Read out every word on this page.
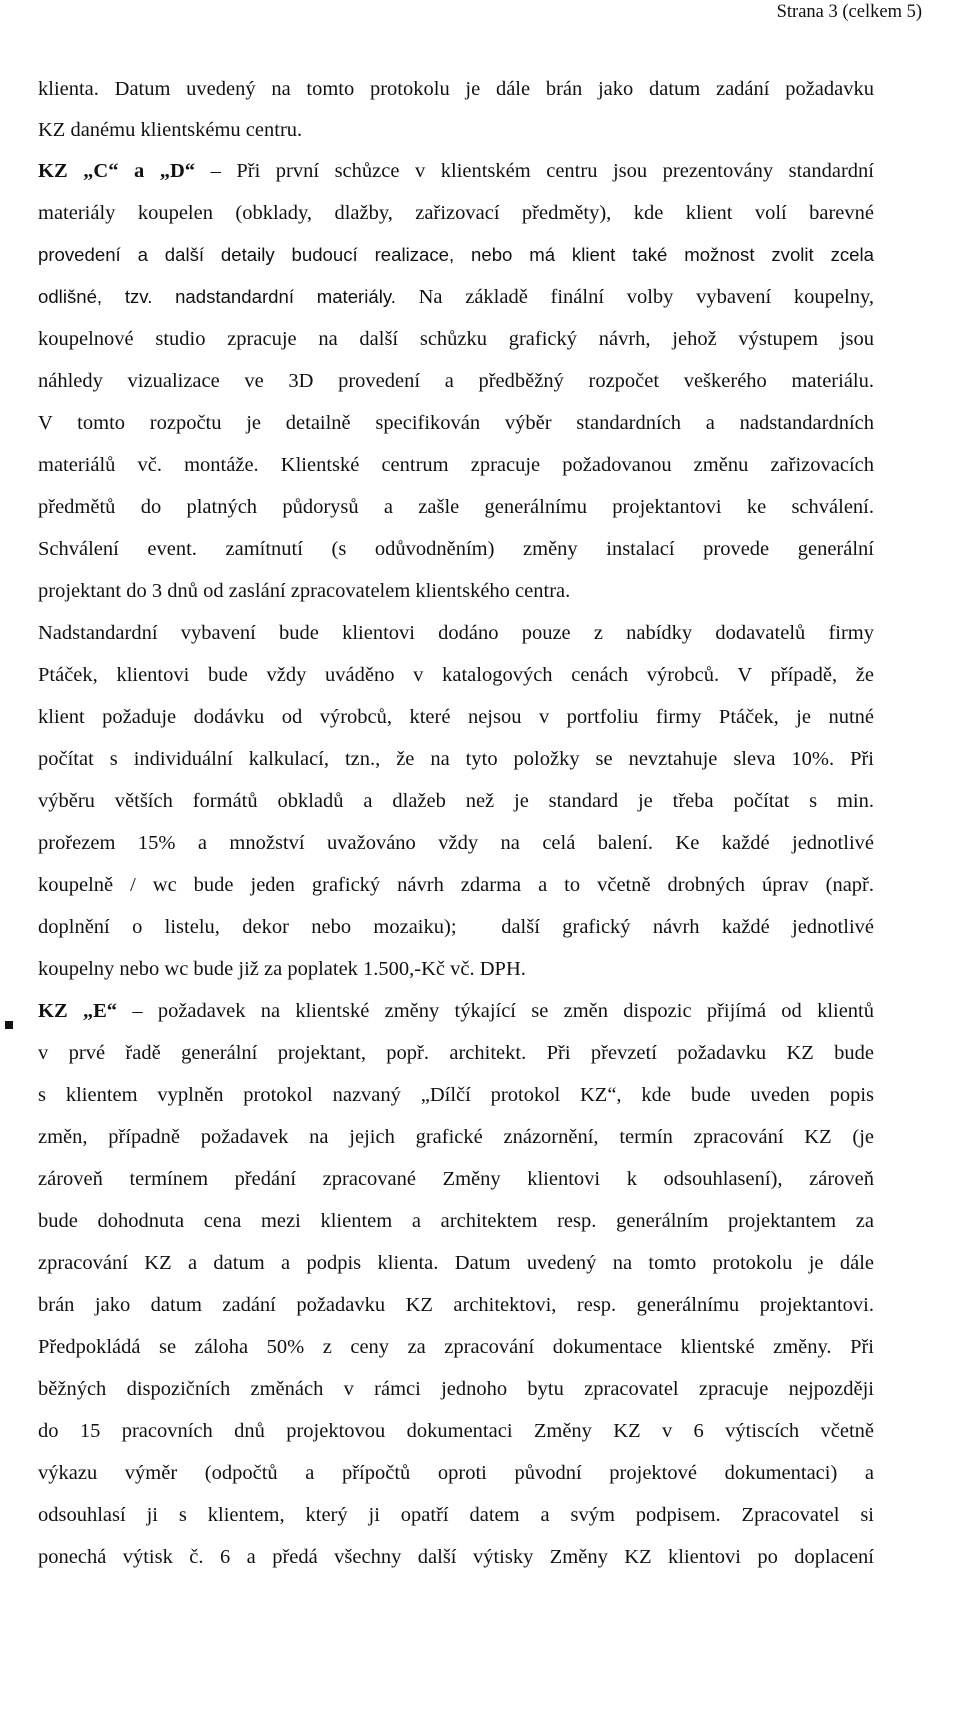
Strana 3 (celkem 5)
klienta. Datum uvedený na tomto protokolu je dále brán jako datum zadání požadavku
KZ danému klientskému centru.
KZ „C“ a „D“ – Při první schůzce v klientském centru jsou prezentovány standardní
materiály koupelen (obklady, dlažby, zařizovací předměty), kde klient volí barevné
provedení a další detaily budoucí realizace, nebo má klient také možnost zvolit zcela
odlišné, tzv. nadstandardní materiály. Na základě finální volby vybavení koupelny,
koupelnové studio zpracuje na další schůzku grafický návrh, jehož výstupem jsou
náhledy vizualizace ve 3D provedení a předběžný rozpočet veškerého materiálu.
V tomto rozpočtu je detailně specifikován výběr standardních a nadstandardních
materiálů vč. montáže. Klientské centrum zpracuje požadovanou změnu zařizovacích
předmětů do platných půdorysů a zašle generálnímu projektantovi ke schválení.
Schválení event. zamítnutí (s odůvodněním) změny instalací provede generální
projektant do 3 dnů od zaslání zpracovatelem klientského centra.
Nadstandardní vybavení bude klientovi dodáno pouze z nabídky dodavatelů firmy
Ptáček, klientovi bude vždy uváděno v katalogových cenách výrobců. V případě, že
klient požaduje dodávku od výrobců, které nejsou v portfoliu firmy Ptáček, je nutné
počítat s individuální kalkulací, tzn., že na tyto položky se nevztahuje sleva 10%. Při
výběru větších formátů obkladů a dlažeb než je standard je třeba počítat s min.
prořezem 15% a množství uvažováno vždy na celá balení. Ke každé jednotlivé
koupelně / wc bude jeden grafický návrh zdarma a to včetně drobných úprav (např.
doplnění o listelu, dekor nebo mozaiku);  další grafický návrh každé jednotlivé
koupelny nebo wc bude již za poplatek 1.500,-Kč vč. DPH.
KZ „E“ – požadavek na klientské změny týkající se změn dispozic přijímá od klientů
v prvé řadě generální projektant, popř. architekt. Při převzetí požadavku KZ bude
s klientem vyplněn protokol nazvaný „Dílčí protokol KZ“, kde bude uveden popis
změn, případně požadavek na jejich grafické znázornění, termín zpracování KZ (je
zároveň termínem předání zpracované Změny klientovi k odsouhlasení), zároveň
bude dohodnuta cena mezi klientem a architektem resp. generálním projektantem za
zpracování KZ a datum a podpis klienta. Datum uvedený na tomto protokolu je dále
brán jako datum zadání požadavku KZ architektovi, resp. generálnímu projektantovi.
Předpokládá se záloha 50% z ceny za zpracování dokumentace klientské změny. Při
běžných dispozičních změnách v rámci jednoho bytu zpracovatel zpracuje nejpozději
do 15 pracovních dnů projektovou dokumentaci Změny KZ v 6 výtiscích včetně
výkazu výměr (odpočtů a přípočtů oproti původní projektové dokumentaci) a
odsouhlasí ji s klientem, který ji opatří datem a svým podpisem. Zpracovatel si
ponechá výtisk č. 6 a předá všechny další výtisky Změny KZ klientovi po doplacení
